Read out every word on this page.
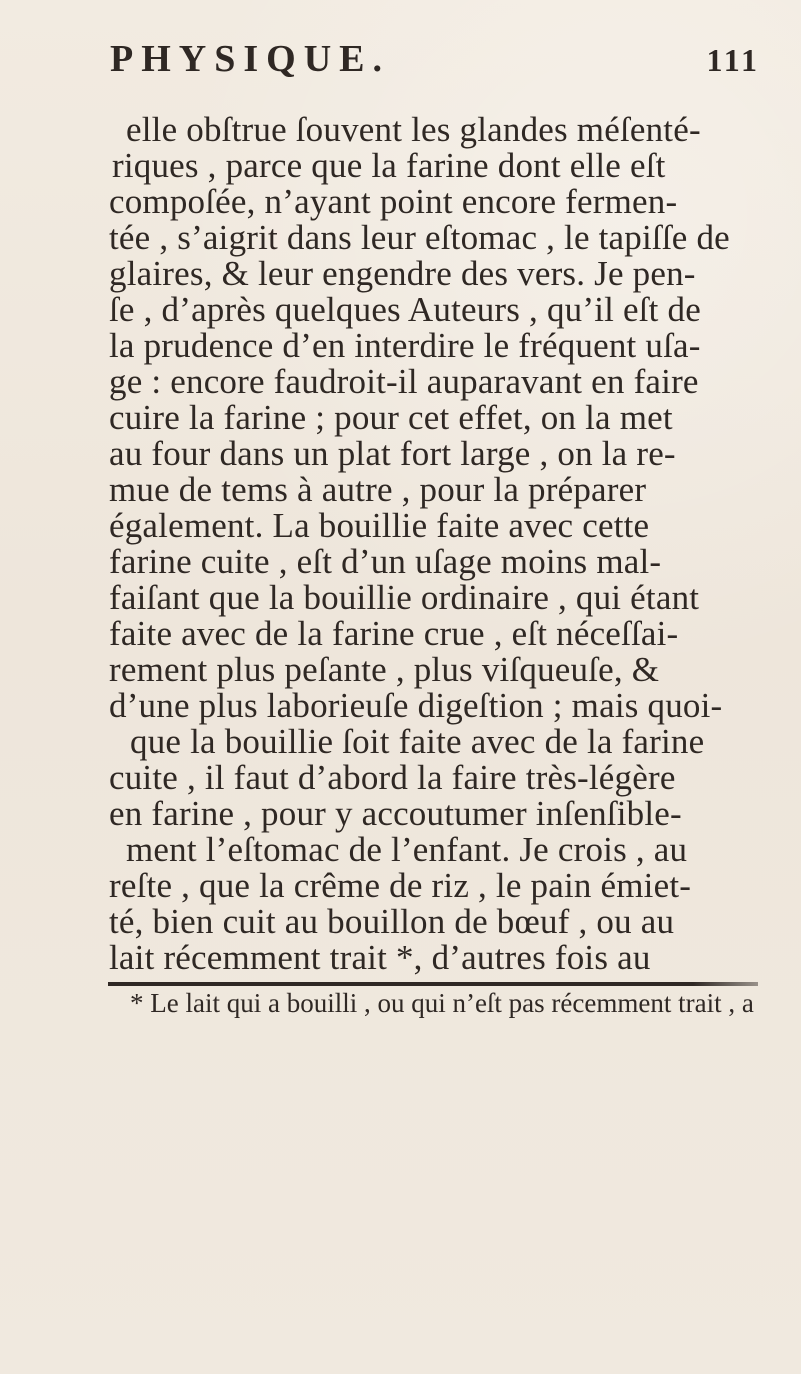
PHYSIQUE.	111
elle obſtrue ſouvent les glandes méſenté-
riques , parce que la farine dont elle eſt
compoſée, n’ayant point encore fermen-
tée , s’aigrit dans leur eſtomac , le tapiſſe de
glaires, & leur engendre des vers. Je pen-
ſe , d’après quelques Auteurs , qu’il eſt de
la prudence d’en interdire le fréquent uſa-
ge : encore faudroit-il auparavant en faire
cuire la farine ; pour cet effet, on la met
au four dans un plat fort large , on la re-
mue de tems à autre , pour la préparer
également. La bouillie faite avec cette
farine cuite , eſt d’un uſage moins mal-
faiſant que la bouillie ordinaire , qui étant
faite avec de la farine crue , eſt néceſſai-
rement plus peſante , plus viſqueuſe, &
d’une plus laborieuſe digeſtion ; mais quoi-
que la bouillie ſoit faite avec de la farine
cuite , il faut d’abord la faire très-légère
en farine , pour y accoutumer inſenſible-
ment l’eſtomac de l’enfant. Je crois , au
reſte , que la crême de riz , le pain émiet-
té, bien cuit au bouillon de bœuf , ou au
lait récemment trait *, d’autres fois au
* Le lait qui a bouilli , ou qui n’eſt pas récemment trait , a
